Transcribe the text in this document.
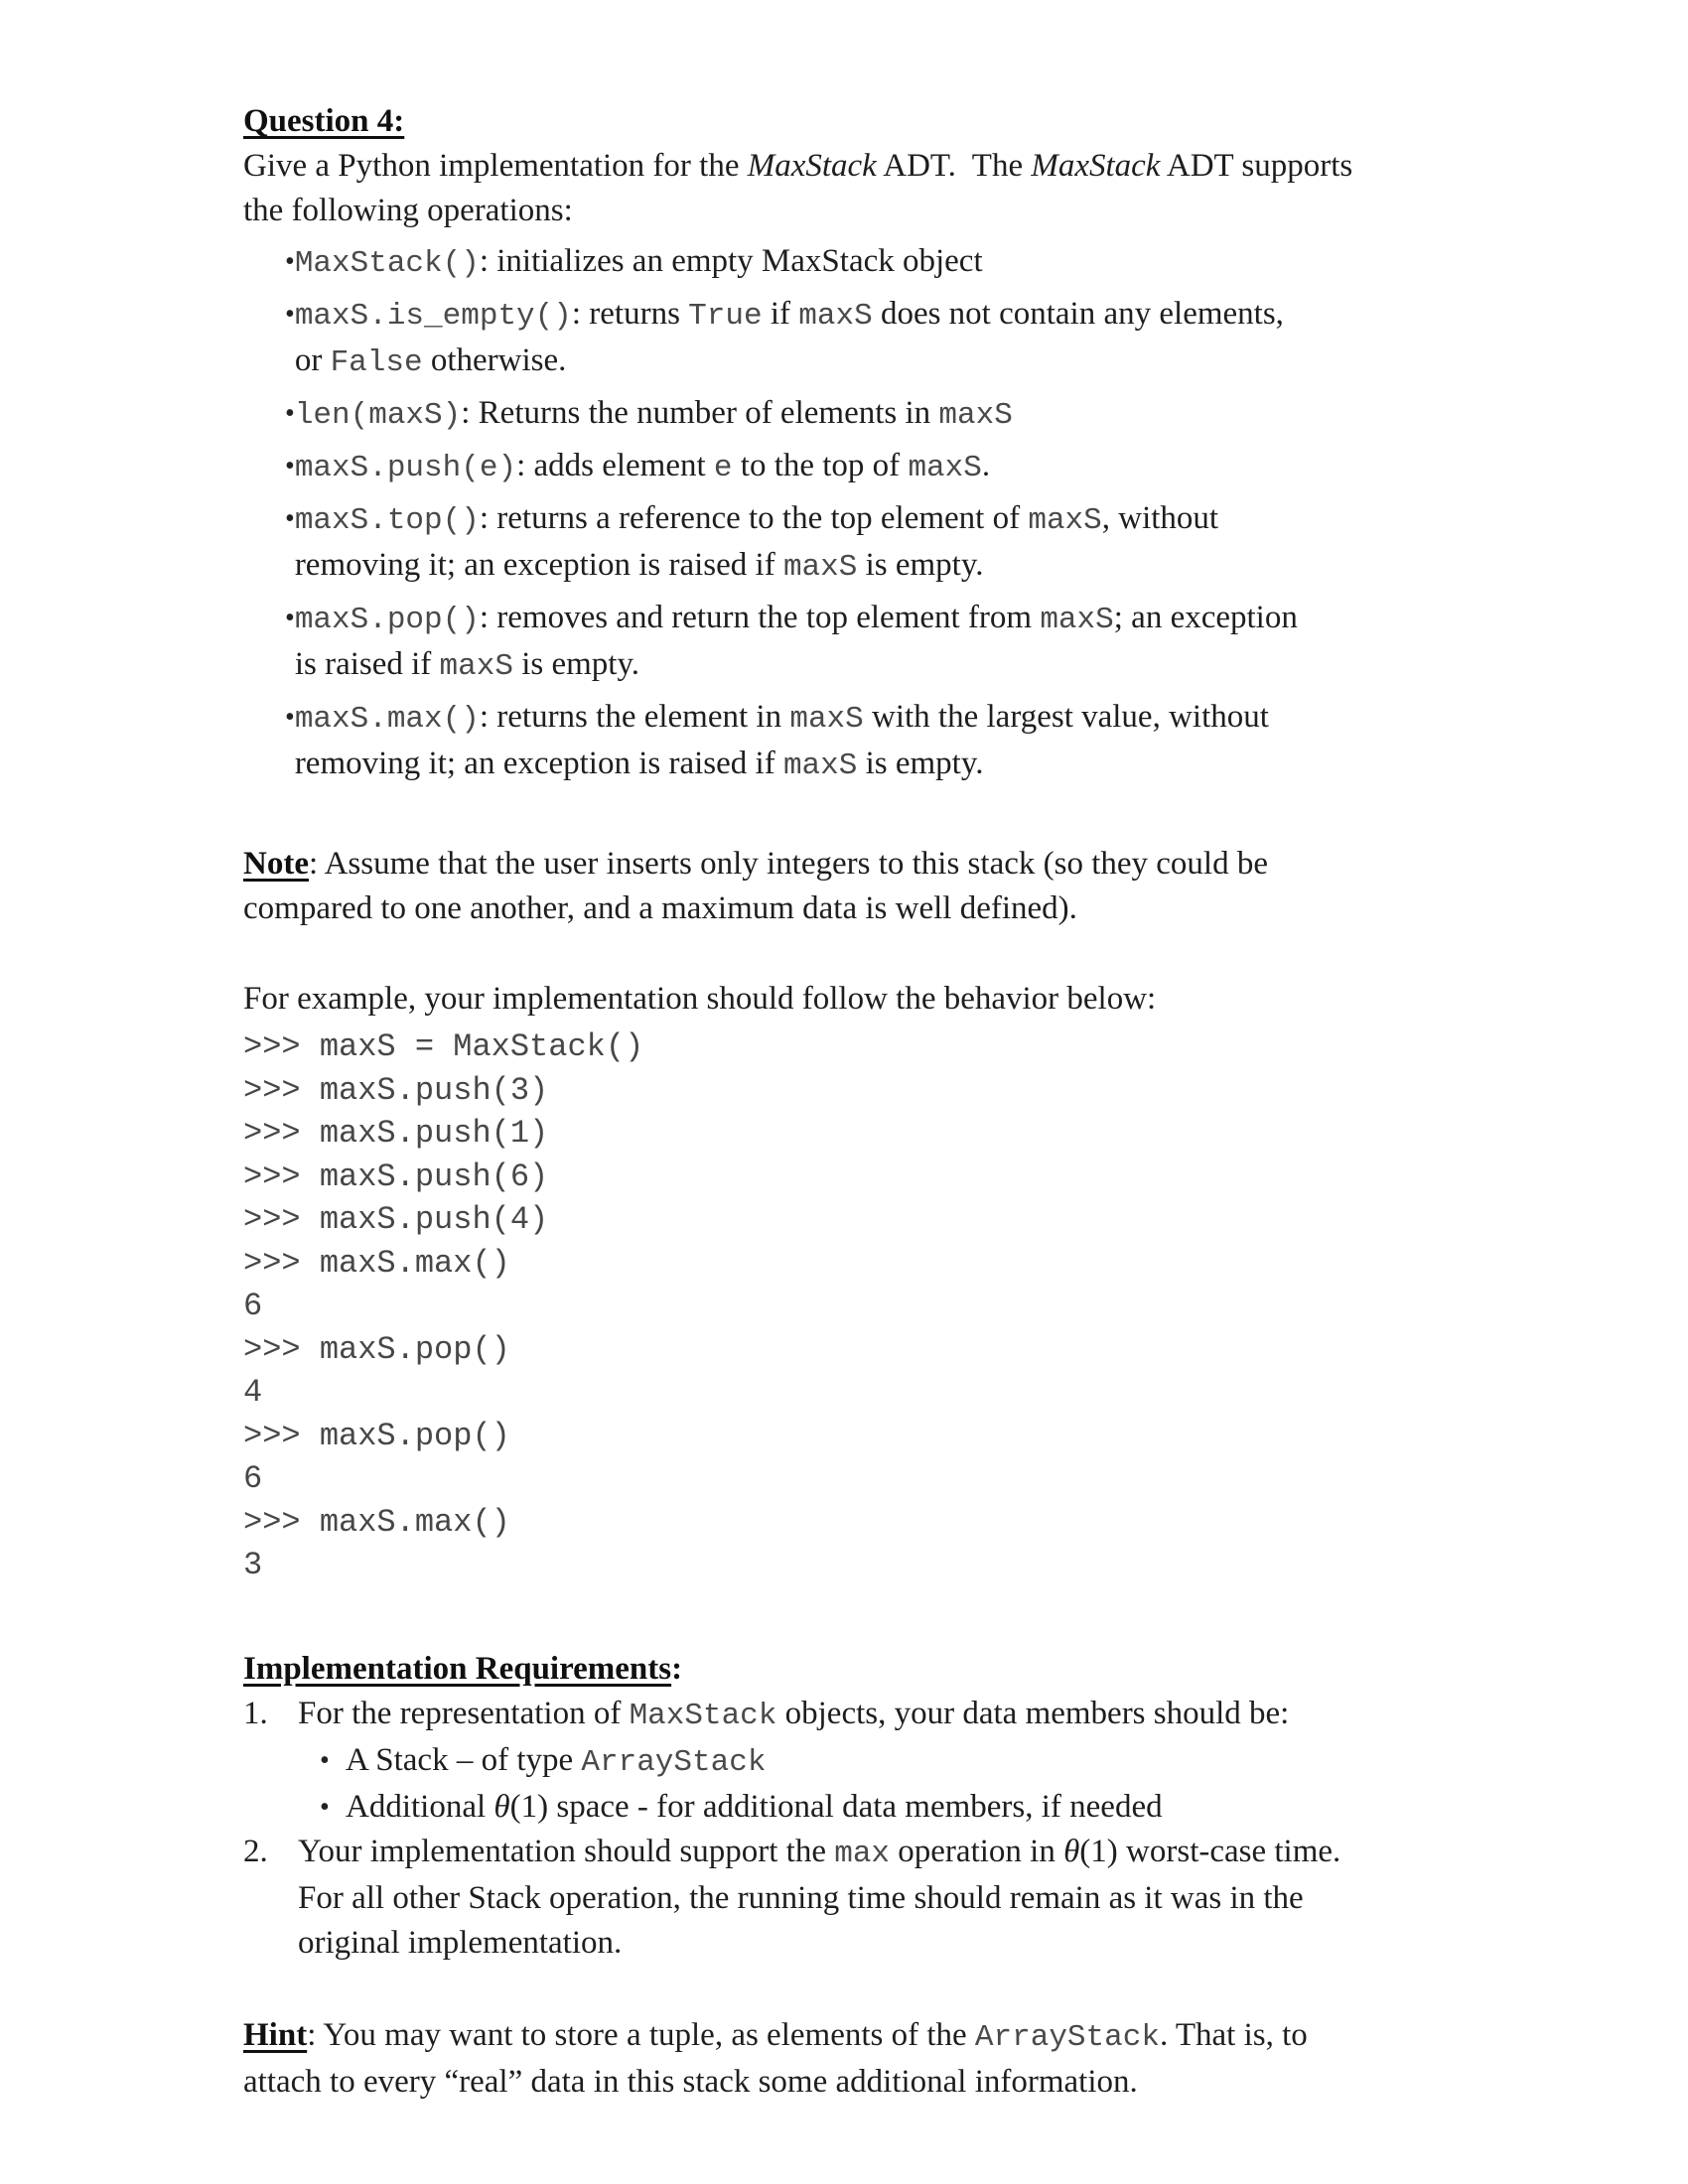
Question 4:
Give a Python implementation for the MaxStack ADT.  The MaxStack ADT supports
the following operations:
• MaxStack(): initializes an empty MaxStack object
• maxS.is_empty(): returns True if maxS does not contain any elements,
or False otherwise.
• len(maxS): Returns the number of elements in maxS
• maxS.push(e): adds element e to the top of maxS.
• maxS.top(): returns a reference to the top element of maxS, without
removing it; an exception is raised if maxS is empty.
• maxS.pop(): removes and return the top element from maxS; an exception
is raised if maxS is empty.
• maxS.max(): returns the element in maxS with the largest value, without
removing it; an exception is raised if maxS is empty.
Note: Assume that the user inserts only integers to this stack (so they could be
compared to one another, and a maximum data is well defined).
For example, your implementation should follow the behavior below:
>>> maxS = MaxStack()
>>> maxS.push(3)
>>> maxS.push(1)
>>> maxS.push(6)
>>> maxS.push(4)
>>> maxS.max()
6
>>> maxS.pop()
4
>>> maxS.pop()
6
>>> maxS.max()
3
Implementation Requirements:
1. For the representation of MaxStack objects, your data members should be:
• A Stack – of type ArrayStack
• Additional θ(1) space - for additional data members, if needed
2. Your implementation should support the max operation in θ(1) worst-case time.
For all other Stack operation, the running time should remain as it was in the
original implementation.
Hint: You may want to store a tuple, as elements of the ArrayStack. That is, to
attach to every “real” data in this stack some additional information.
